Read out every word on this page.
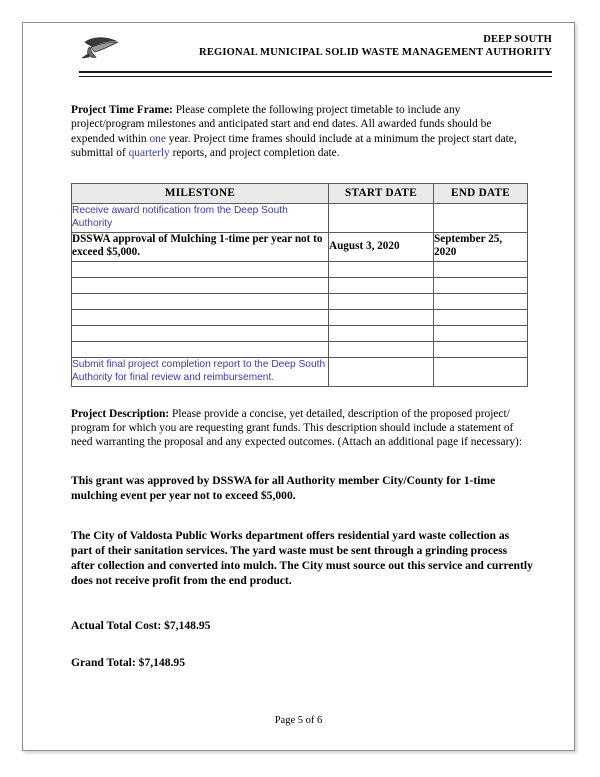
DEEP SOUTH
REGIONAL MUNICIPAL SOLID WASTE MANAGEMENT AUTHORITY

Project Time Frame: Please complete the following project timetable to include any project/program milestones and anticipated start and end dates. All awarded funds should be expended within one year. Project time frames should include at a minimum the project start date, submittal of quarterly reports, and project completion date.

MILESTONE	START DATE	END DATE
Receive award notification from the Deep South Authority		
DSSWA approval of Mulching 1-time per year not to exceed $5,000.	August 3, 2020	September 25, 2020

Submit final project completion report to the Deep South Authority for final review and reimbursement.		

Project Description: Please provide a concise, yet detailed, description of the proposed project/ program for which you are requesting grant funds. This description should include a statement of need warranting the proposal and any expected outcomes. (Attach an additional page if necessary):

This grant was approved by DSSWA for all Authority member City/County for 1-time mulching event per year not to exceed $5,000.

The City of Valdosta Public Works department offers residential yard waste collection as part of their sanitation services. The yard waste must be sent through a grinding process after collection and converted into mulch. The City must source out this service and currently does not receive profit from the end product.

Actual Total Cost: $7,148.95

Grand Total: $7,148.95

Page 5 of 6
